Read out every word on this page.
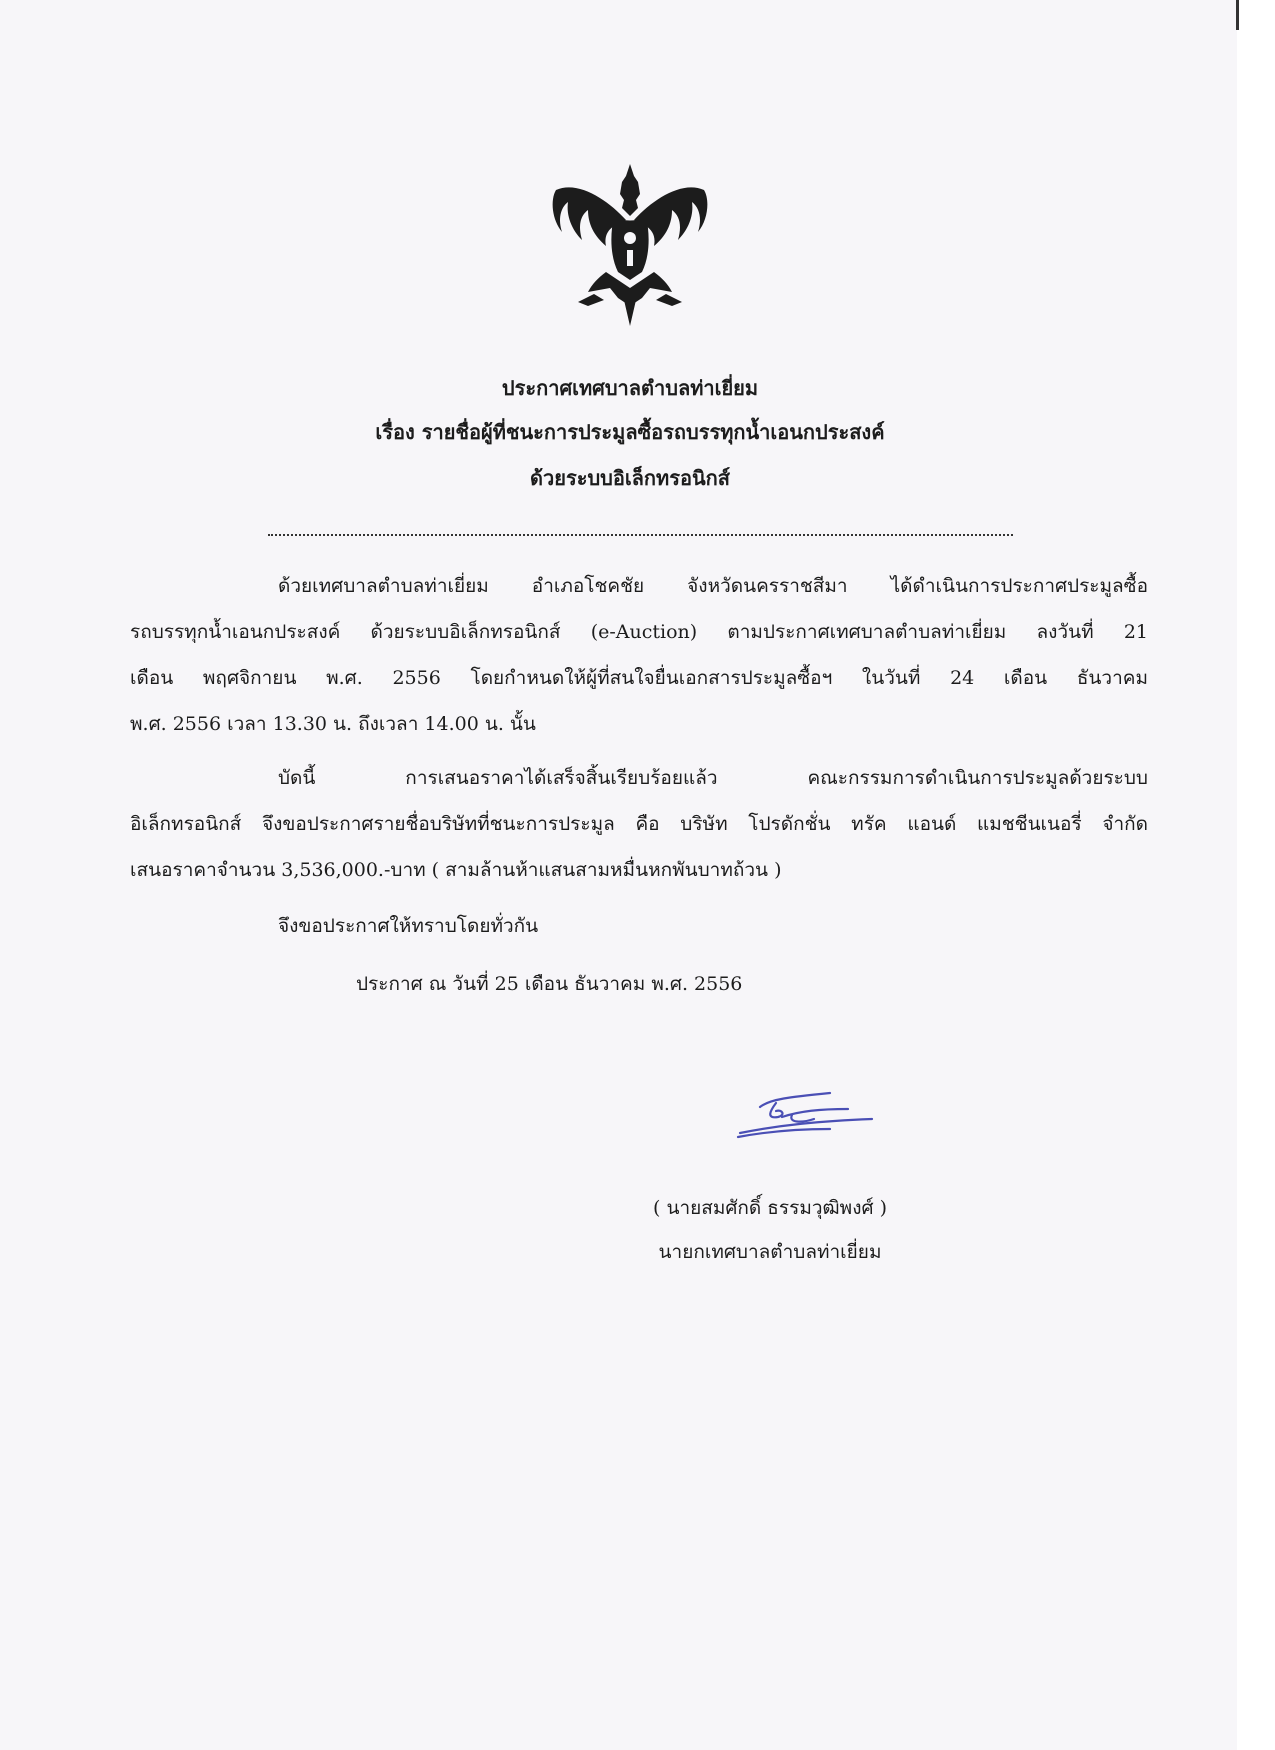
ประกาศเทศบาลตำบลท่าเยี่ยม
เรื่อง รายชื่อผู้ที่ชนะการประมูลซื้อรถบรรทุกน้ำเอนกประสงค์
ด้วยระบบอิเล็กทรอนิกส์
ด้วยเทศบาลตำบลท่าเยี่ยม อำเภอโชคชัย จังหวัดนครราชสีมา ได้ดำเนินการประกาศประมูลซื้อ
รถบรรทุกน้ำเอนกประสงค์ ด้วยระบบอิเล็กทรอนิกส์ (e-Auction) ตามประกาศเทศบาลตำบลท่าเยี่ยม ลงวันที่ 21
เดือน พฤศจิกายน พ.ศ. 2556 โดยกำหนดให้ผู้ที่สนใจยื่นเอกสารประมูลซื้อฯ ในวันที่ 24 เดือน ธันวาคม
พ.ศ. 2556 เวลา 13.30 น. ถึงเวลา 14.00 น. นั้น
บัดนี้ การเสนอราคาได้เสร็จสิ้นเรียบร้อยแล้ว คณะกรรมการดำเนินการประมูลด้วยระบบ
อิเล็กทรอนิกส์ จึงขอประกาศรายชื่อบริษัทที่ชนะการประมูล คือ บริษัท โปรดักชั่น ทรัค แอนด์ แมชชีนเนอรี่ จำกัด
เสนอราคาจำนวน 3,536,000.-บาท ( สามล้านห้าแสนสามหมื่นหกพันบาทถ้วน )
จึงขอประกาศให้ทราบโดยทั่วกัน
ประกาศ ณ วันที่ 25 เดือน ธันวาคม พ.ศ. 2556
( นายสมศักดิ์ ธรรมวุฒิพงศ์ )
นายกเทศบาลตำบลท่าเยี่ยม
